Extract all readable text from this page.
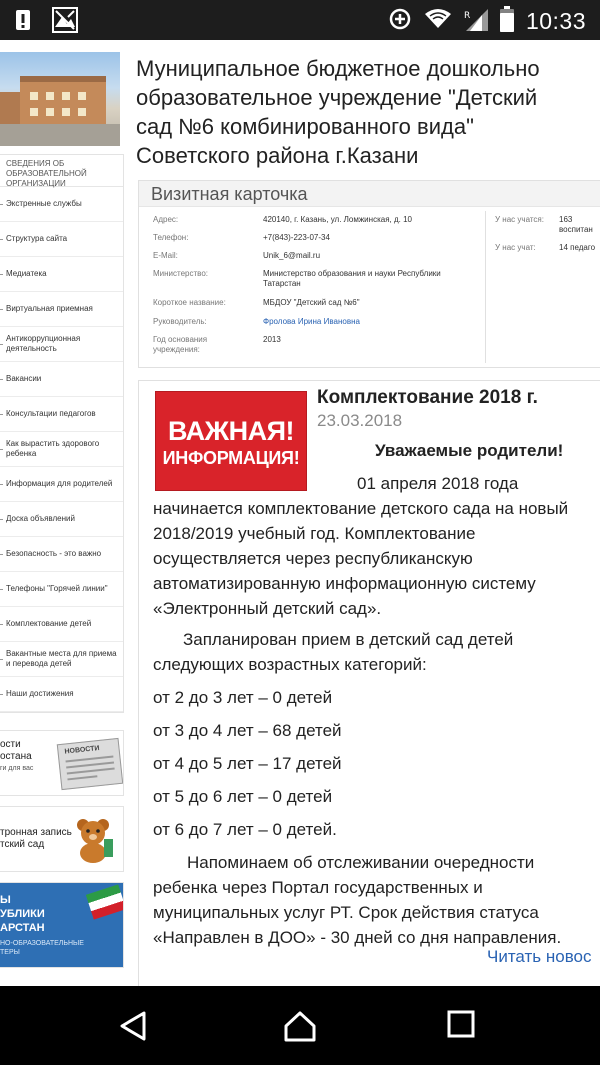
R 10:33
СВЕДЕНИЯ ОБ ОБРАЗОВАТЕЛЬНОЙ ОРГАНИЗАЦИИ
Экстренные службы
Структура сайта
Медиатека
Виртуальная приемная
Антикоррупционная деятельность
Вакансии
Консультации педагогов
Как вырастить здорового ребенка
Информация для родителей
Доска объявлений
Безопасность - это важно
Телефоны "Горячей линии"
Комплектование детей
Вакантные места для приема и перевода детей
Наши достижения
ости
остана
ги для вас
НОВОСТИ
тронная запись
тский сад
Ы
УБЛИКИ
АРСТАН
НО-ОБРАЗОВАТЕЛЬНЫЕ
ТЕРЫ
Муниципальное бюджетное дошкольно
образовательное учреждение "Детский
сад №6 комбинированного вида"
Советского района г.Казани
Визитная карточка
Адрес:	420140, г. Казань, ул. Ломжинская, д. 10
Телефон:	+7(843)-223-07-34
E-Mail:	Unik_6@mail.ru
Министерство:	Министерство образования и науки Республики
Татарстан
Короткое название:	МБДОУ "Детский сад №6"
Руководитель:	Фролова Ирина Ивановна
Год основания
учреждения:
2013
У нас учатся: 163
воспитан
У нас учат:	14 педаго
ВАЖНАЯ!
ИНФОРМАЦИЯ!
Комплектование 2018 г.
23.03.2018
Уважаемые родители!
01 апреля 2018 года
начинается комплектование детского сада на новый
2018/2019 учебный год. Комплектование
осуществляется через республиканскую
автоматизированную информационную систему
«Электронный детский сад».
Запланирован прием в детский сад детей
следующих возрастных категорий:
от 2 до 3 лет – 0 детей
от 3 до 4 лет – 68 детей
от 4 до 5 лет – 17 детей
от 5 до 6 лет – 0 детей
от 6 до 7 лет – 0 детей.
Напоминаем об отслеживании очередности
ребенка через Портал государственных и
муниципальных услуг РТ. Срок действия статуса
«Направлен в ДОО» - 30 дней со дня направления.
Читать новос
